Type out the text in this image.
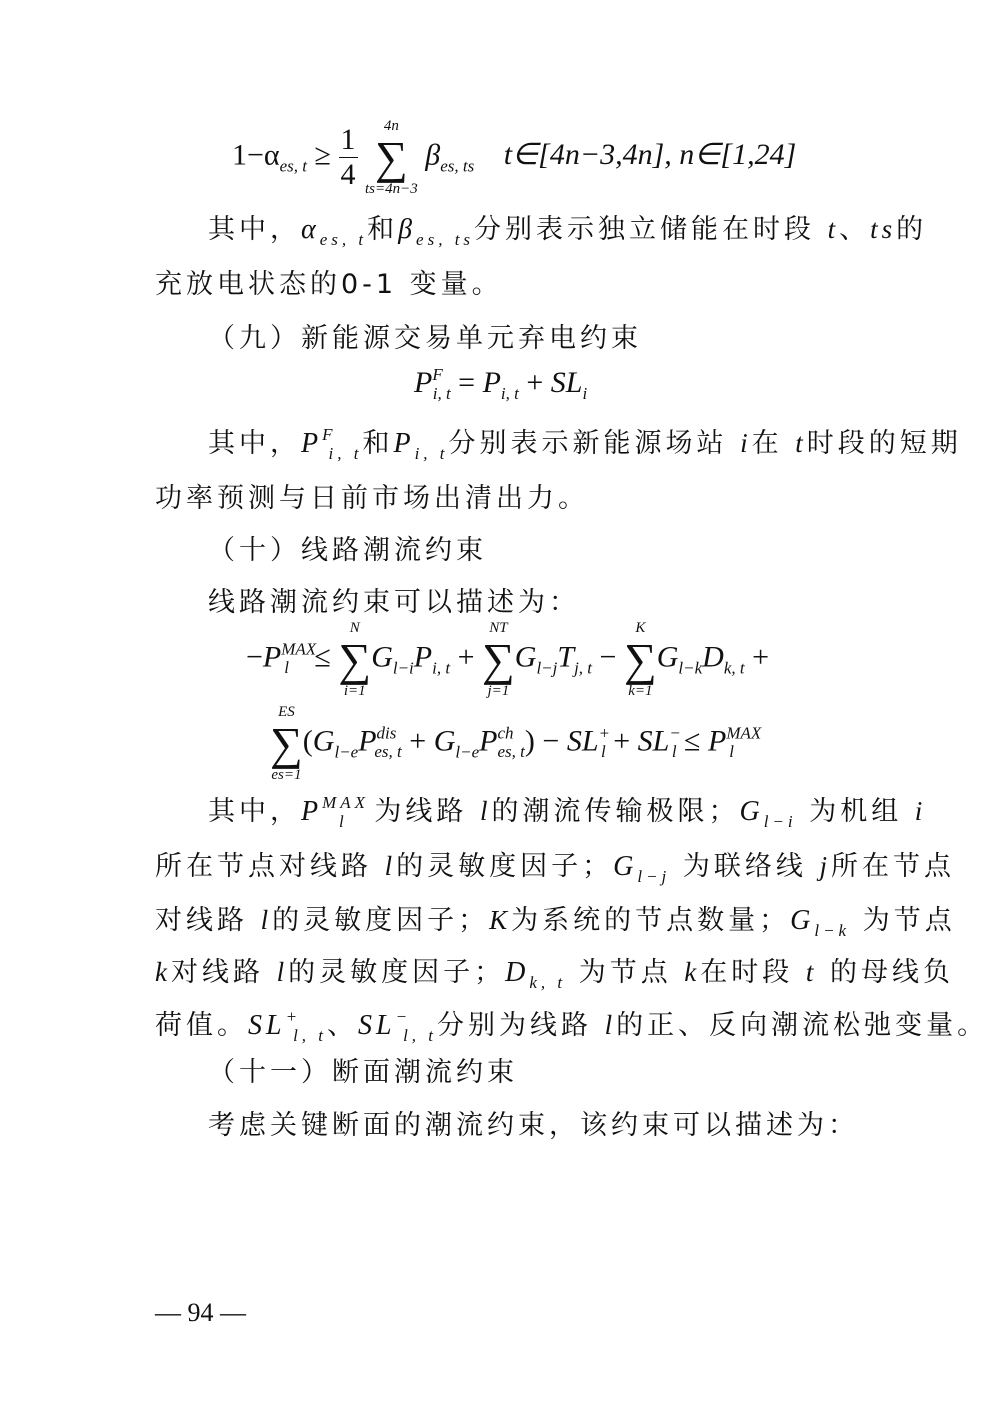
$1-\alpha_{es, t} \ge \frac{1}{4}$
	4n
∑
ts=4n−3
$\beta_{es, ts}$ t∈[4n−3,4n], n∈[1,24]
其中，$\alpha_{es, t}$和$\beta_{es, ts}$分别表示独立储能在时段 t、ts的
充放电状态的0-1 变量。
（九）新能源交易单元弃电约束
$P^F_{i, t} = P_{i, t} + SL_i$
其中，$P^F_{i, t}$和$P_{i, t}$分别表示新能源场站 i在 t时段的短期
功率预测与日前市场出清出力。
（十）线路潮流约束
线路潮流约束可以描述为：
$-P^{MAX}_l$ ≤
N
∑
i=1
$G_{l-i}P_{i, t}$ +
NT
∑
j=1
$G_{l-j}T_{j, t}$ −
K
∑
k=1
$G_{l-k}D_{k, t}$ +
ES
∑
es=1
$(G_{l-e}P^{dis}_{es, t} + G_{l-e}P^{ch}_{es, t}) - SL^+_l + SL^-_l \le P^{MAX}_l$
其中，$P^{MAX}_l$ 为线路 l的潮流传输极限；$G_{l-i}$ 为机组 i
所在节点对线路 l的灵敏度因子；$G_{l-j}$ 为联络线 j所在节点
对线路 l的灵敏度因子；K为系统的节点数量；$G_{l-k}$ 为节点
k对线路 l的灵敏度因子；$D_{k, t}$ 为节点 k在时段 t 的母线负
荷值。$SL^+_{l, t}$、$SL^-_{l, t}$分别为线路 l的正、反向潮流松弛变量。
（十一）断面潮流约束
考虑关键断面的潮流约束，该约束可以描述为：
— 94 —
